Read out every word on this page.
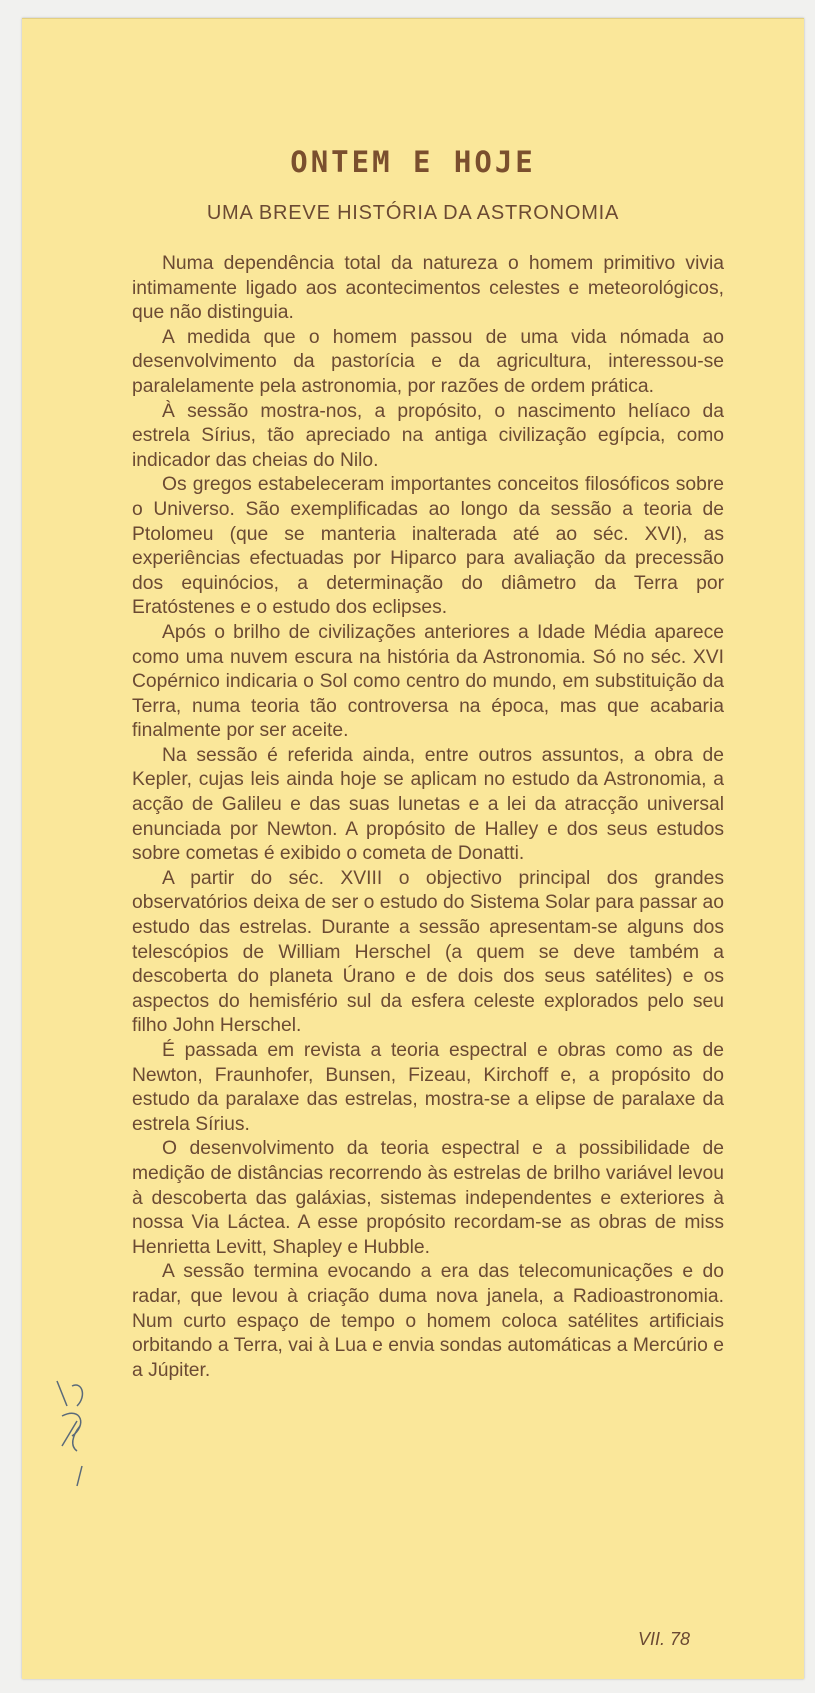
ONTEM E HOJE
UMA BREVE HISTÓRIA DA ASTRONOMIA

Numa dependência total da natureza o homem primitivo vivia intimamente ligado aos acontecimentos celestes e meteorológicos, que não distinguia.

A medida que o homem passou de uma vida nómada ao desenvolvimento da pastorícia e da agricultura, interessou-se paralelamente pela astronomia, por razões de ordem prática.

À sessão mostra-nos, a propósito, o nascimento helíaco da estrela Sírius, tão apreciado na antiga civilização egípcia, como indicador das cheias do Nilo.

Os gregos estabeleceram importantes conceitos filosóficos sobre o Universo. São exemplificadas ao longo da sessão a teoria de Ptolomeu (que se manteria inalterada até ao séc. XVI), as experiências efectuadas por Hiparco para avaliação da precessão dos equinócios, a determinação do diâmetro da Terra por Eratóstenes e o estudo dos eclipses.

Após o brilho de civilizações anteriores a Idade Média aparece como uma nuvem escura na história da Astronomia. Só no séc. XVI Copérnico indicaria o Sol como centro do mundo, em substituição da Terra, numa teoria tão controversa na época, mas que acabaria finalmente por ser aceite.

Na sessão é referida ainda, entre outros assuntos, a obra de Kepler, cujas leis ainda hoje se aplicam no estudo da Astronomia, a acção de Galileu e das suas lunetas e a lei da atracção universal enunciada por Newton. A propósito de Halley e dos seus estudos sobre cometas é exibido o cometa de Donatti.

A partir do séc. XVIII o objectivo principal dos grandes observatórios deixa de ser o estudo do Sistema Solar para passar ao estudo das estrelas. Durante a sessão apresentam-se alguns dos telescópios de William Herschel (a quem se deve também a descoberta do planeta Úrano e de dois dos seus satélites) e os aspectos do hemisfério sul da esfera celeste explorados pelo seu filho John Herschel.

É passada em revista a teoria espectral e obras como as de Newton, Fraunhofer, Bunsen, Fizeau, Kirchoff e, a propósito do estudo da paralaxe das estrelas, mostra-se a elipse de paralaxe da estrela Sírius.

O desenvolvimento da teoria espectral e a possibilidade de medição de distâncias recorrendo às estrelas de brilho variável levou à descoberta das galáxias, sistemas independentes e exteriores à nossa Via Láctea. A esse propósito recordam-se as obras de miss Henrietta Levitt, Shapley e Hubble.

A sessão termina evocando a era das telecomunicações e do radar, que levou à criação duma nova janela, a Radioastronomia. Num curto espaço de tempo o homem coloca satélites artificiais orbitando a Terra, vai à Lua e envia sondas automáticas a Mercúrio e a Júpiter.

VII. 78
